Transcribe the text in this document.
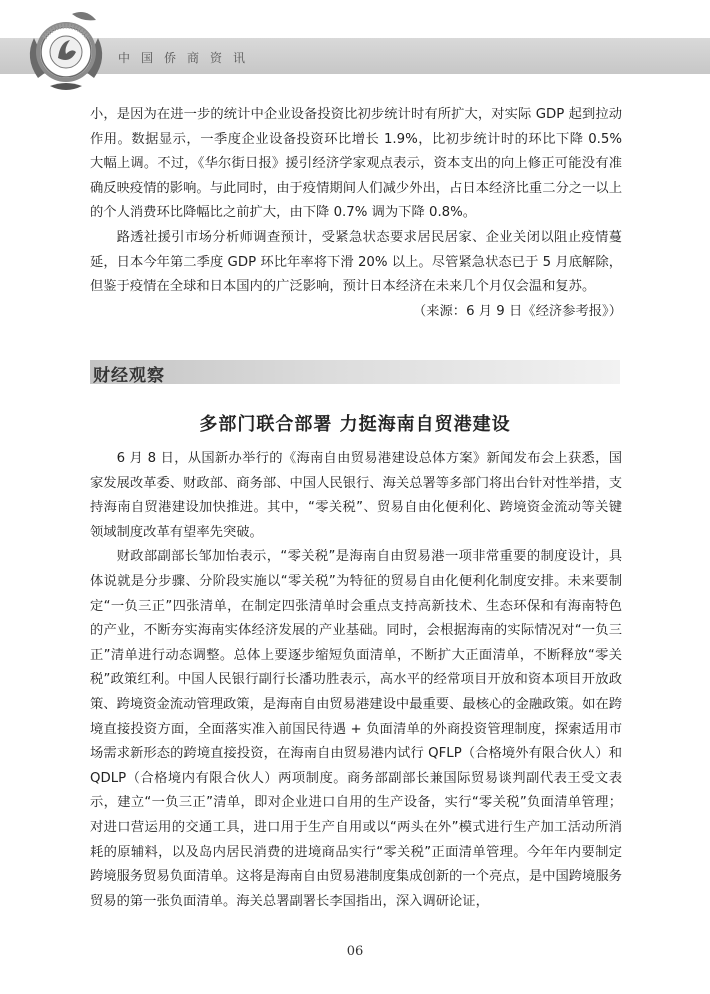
中国侨商资讯

小，是因为在进一步的统计中企业设备投资比初步统计时有所扩大，对实际 GDP 起到拉动作用。数据显示，一季度企业设备投资环比增长 1.9%，比初步统计时的环比下降 0.5% 大幅上调。不过，《华尔街日报》援引经济学家观点表示，资本支出的向上修正可能没有准确反映疫情的影响。与此同时，由于疫情期间人们减少外出，占日本经济比重二分之一以上的个人消费环比降幅比之前扩大，由下降 0.7% 调为下降 0.8%。

路透社援引市场分析师调查预计，受紧急状态要求居民居家、企业关闭以阻止疫情蔓延，日本今年第二季度 GDP 环比年率将下滑 20% 以上。尽管紧急状态已于 5 月底解除，但鉴于疫情在全球和日本国内的广泛影响，预计日本经济在未来几个月仅会温和复苏。

（来源：6 月 9 日《经济参考报》）

财经观察
多部门联合部署 力挺海南自贸港建设

6 月 8 日，从国新办举行的《海南自由贸易港建设总体方案》新闻发布会上获悉，国家发展改革委、财政部、商务部、中国人民银行、海关总署等多部门将出台针对性举措，支持海南自贸港建设加快推进。其中，“零关税”、贸易自由化便利化、跨境资金流动等关键领域制度改革有望率先突破。

财政部副部长邹加怡表示，“零关税”是海南自由贸易港一项非常重要的制度设计，具体说就是分步骤、分阶段实施以“零关税”为特征的贸易自由化便利化制度安排。未来要制定“一负三正”四张清单，在制定四张清单时会重点支持高新技术、生态环保和有海南特色的产业，不断夯实海南实体经济发展的产业基础。同时，会根据海南的实际情况对“一负三正”清单进行动态调整。总体上要逐步缩短负面清单，不断扩大正面清单，不断释放“零关税”政策红利。中国人民银行副行长潘功胜表示，高水平的经常项目开放和资本项目开放政策、跨境资金流动管理政策，是海南自由贸易港建设中最重要、最核心的金融政策。如在跨境直接投资方面，全面落实准入前国民待遇 + 负面清单的外商投资管理制度，探索适用市场需求新形态的跨境直接投资，在海南自由贸易港内试行 QFLP（合格境外有限合伙人）和 QDLP（合格境内有限合伙人）两项制度。商务部副部长兼国际贸易谈判副代表王受文表示，建立“一负三正”清单，即对企业进口自用的生产设备，实行“零关税”负面清单管理；对进口营运用的交通工具，进口用于生产自用或以“两头在外”模式进行生产加工活动所消耗的原辅料，以及岛内居民消费的进境商品实行“零关税”正面清单管理。今年年内要制定跨境服务贸易负面清单。这将是海南自由贸易港制度集成创新的一个亮点，是中国跨境服务贸易的第一张负面清单。海关总署副署长李国指出，深入调研论证，

06
